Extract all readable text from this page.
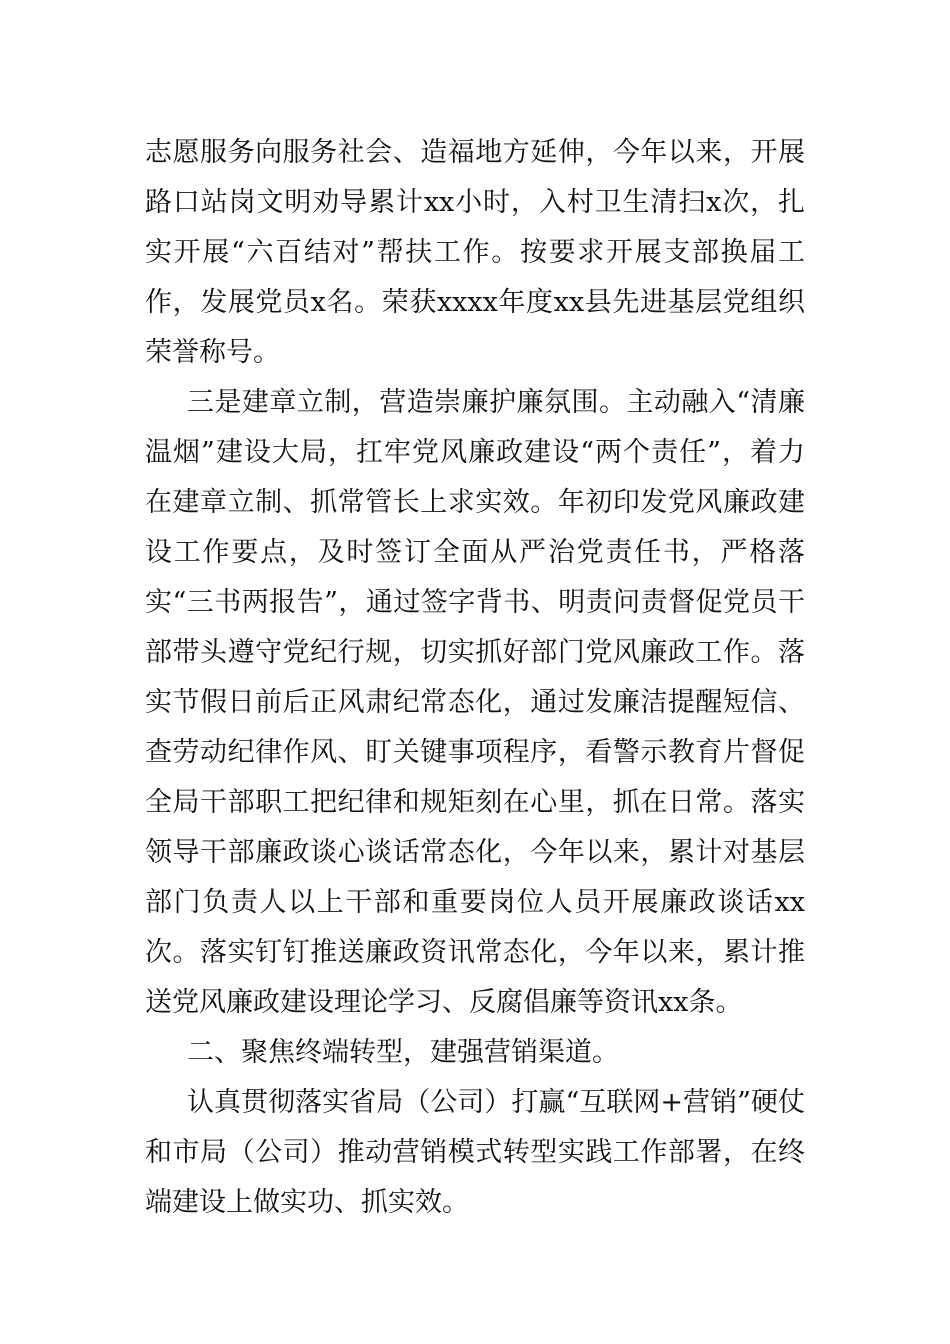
志愿服务向服务社会、造福地方延伸，今年以来，开展路口站岗文明劝导累计xx小时，入村卫生清扫x次，扎实开展“六百结对”帮扶工作。按要求开展支部换届工作，发展党员x名。荣获xxxx年度xx县先进基层党组织荣誉称号。

三是建章立制，营造崇廉护廉氛围。主动融入“清廉温烟”建设大局，扛牢党风廉政建设“两个责任”，着力在建章立制、抓常管长上求实效。年初印发党风廉政建设工作要点，及时签订全面从严治党责任书，严格落实“三书两报告”，通过签字背书、明责问责督促党员干部带头遵守党纪行规，切实抓好部门党风廉政工作。落实节假日前后正风肃纪常态化，通过发廉洁提醒短信、查劳动纪律作风、盯关键事项程序，看警示教育片督促全局干部职工把纪律和规矩刻在心里，抓在日常。落实领导干部廉政谈心谈话常态化，今年以来，累计对基层部门负责人以上干部和重要岗位人员开展廉政谈话xx次。落实钉钉推送廉政资讯常态化，今年以来，累计推送党风廉政建设理论学习、反腐倡廉等资讯xx条。

二、聚焦终端转型，建强营销渠道。

认真贯彻落实省局（公司）打赢“互联网+营销”硬仗和市局（公司）推动营销模式转型实践工作部署，在终端建设上做实功、抓实效。
